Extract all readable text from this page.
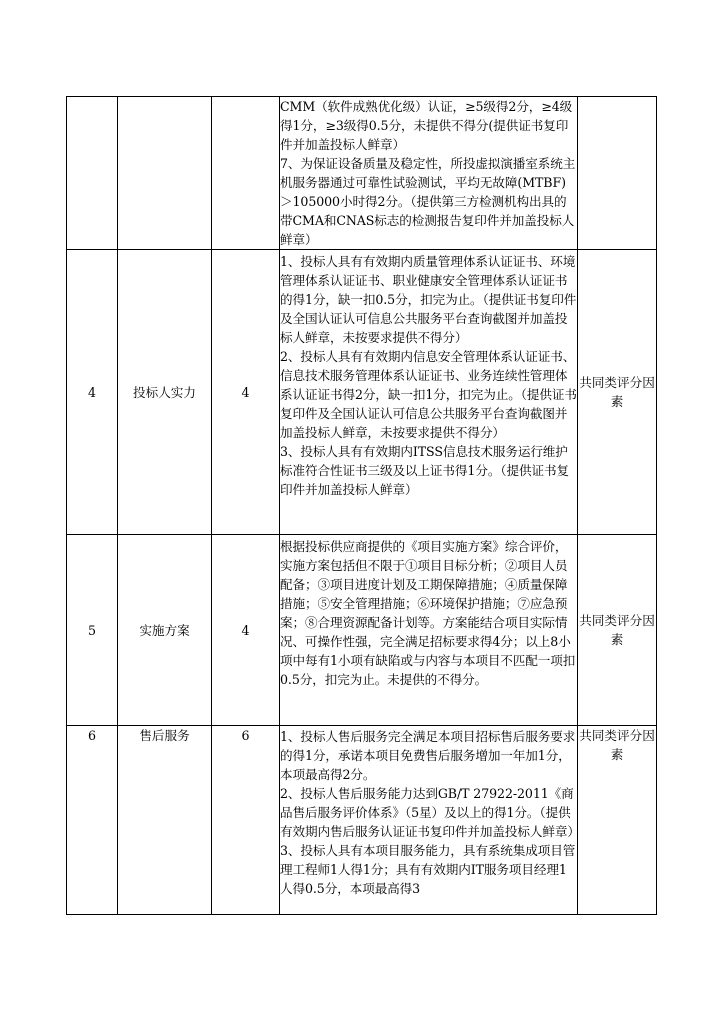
			CMM（软件成熟优化级）认证，≥5级得2分，≥4级得1分，≥3级得0.5分，未提供不得分(提供证书复印件并加盖投标人鲜章）

7、为保证设备质量及稳定性，所投虚拟演播室系统主机服务器通过可靠性试验测试，平均无故障(MTBF)＞105000小时得2分。（提供第三方检测机构出具的带CMA和CNAS标志的检测报告复印件并加盖投标人鲜章）	

4	投标人实力	4	1、投标人具有有效期内质量管理体系认证证书、环境管理体系认证证书、职业健康安全管理体系认证证书的得1分，缺一扣0.5分，扣完为止。（提供证书复印件及全国认证认可信息公共服务平台查询截图并加盖投标人鲜章，未按要求提供不得分）

2、投标人具有有效期内信息安全管理体系认证证书、信息技术服务管理体系认证证书、业务连续性管理体系认证证书得2分，缺一扣1分，扣完为止。（提供证书复印件及全国认证认可信息公共服务平台查询截图并加盖投标人鲜章，未按要求提供不得分）

3、投标人具有有效期内ITSS信息技术服务运行维护标准符合性证书三级及以上证书得1分。（提供证书复印件并加盖投标人鲜章）	共同类评分因素
5	实施方案	4	根据投标供应商提供的《项目实施方案》综合评价，实施方案包括但不限于①项目目标分析；②项目人员配备；③项目进度计划及工期保障措施；④质量保障措施；⑤安全管理措施；⑥环境保护措施；⑦应急预案；⑧合理资源配备计划等。方案能结合项目实际情况、可操作性强，完全满足招标要求得4分；以上8小项中每有1小项有缺陷或与内容与本项目不匹配一项扣0.5分，扣完为止。未提供的不得分。	共同类评分因素
6	售后服务	6	1、投标人售后服务完全满足本项目招标售后服务要求的得1分，承诺本项目免费售后服务增加一年加1分，本项最高得2分。

2、投标人售后服务能力达到GB/T 27922-2011《商品售后服务评价体系》（5星）及以上的得1分。（提供有效期内售后服务认证证书复印件并加盖投标人鲜章）

3、投标人具有本项目服务能力，具有系统集成项目管理工程师1人得1分；具有有效期内IT服务项目经理1人得0.5分，本项最高得3	共同类评分因素
